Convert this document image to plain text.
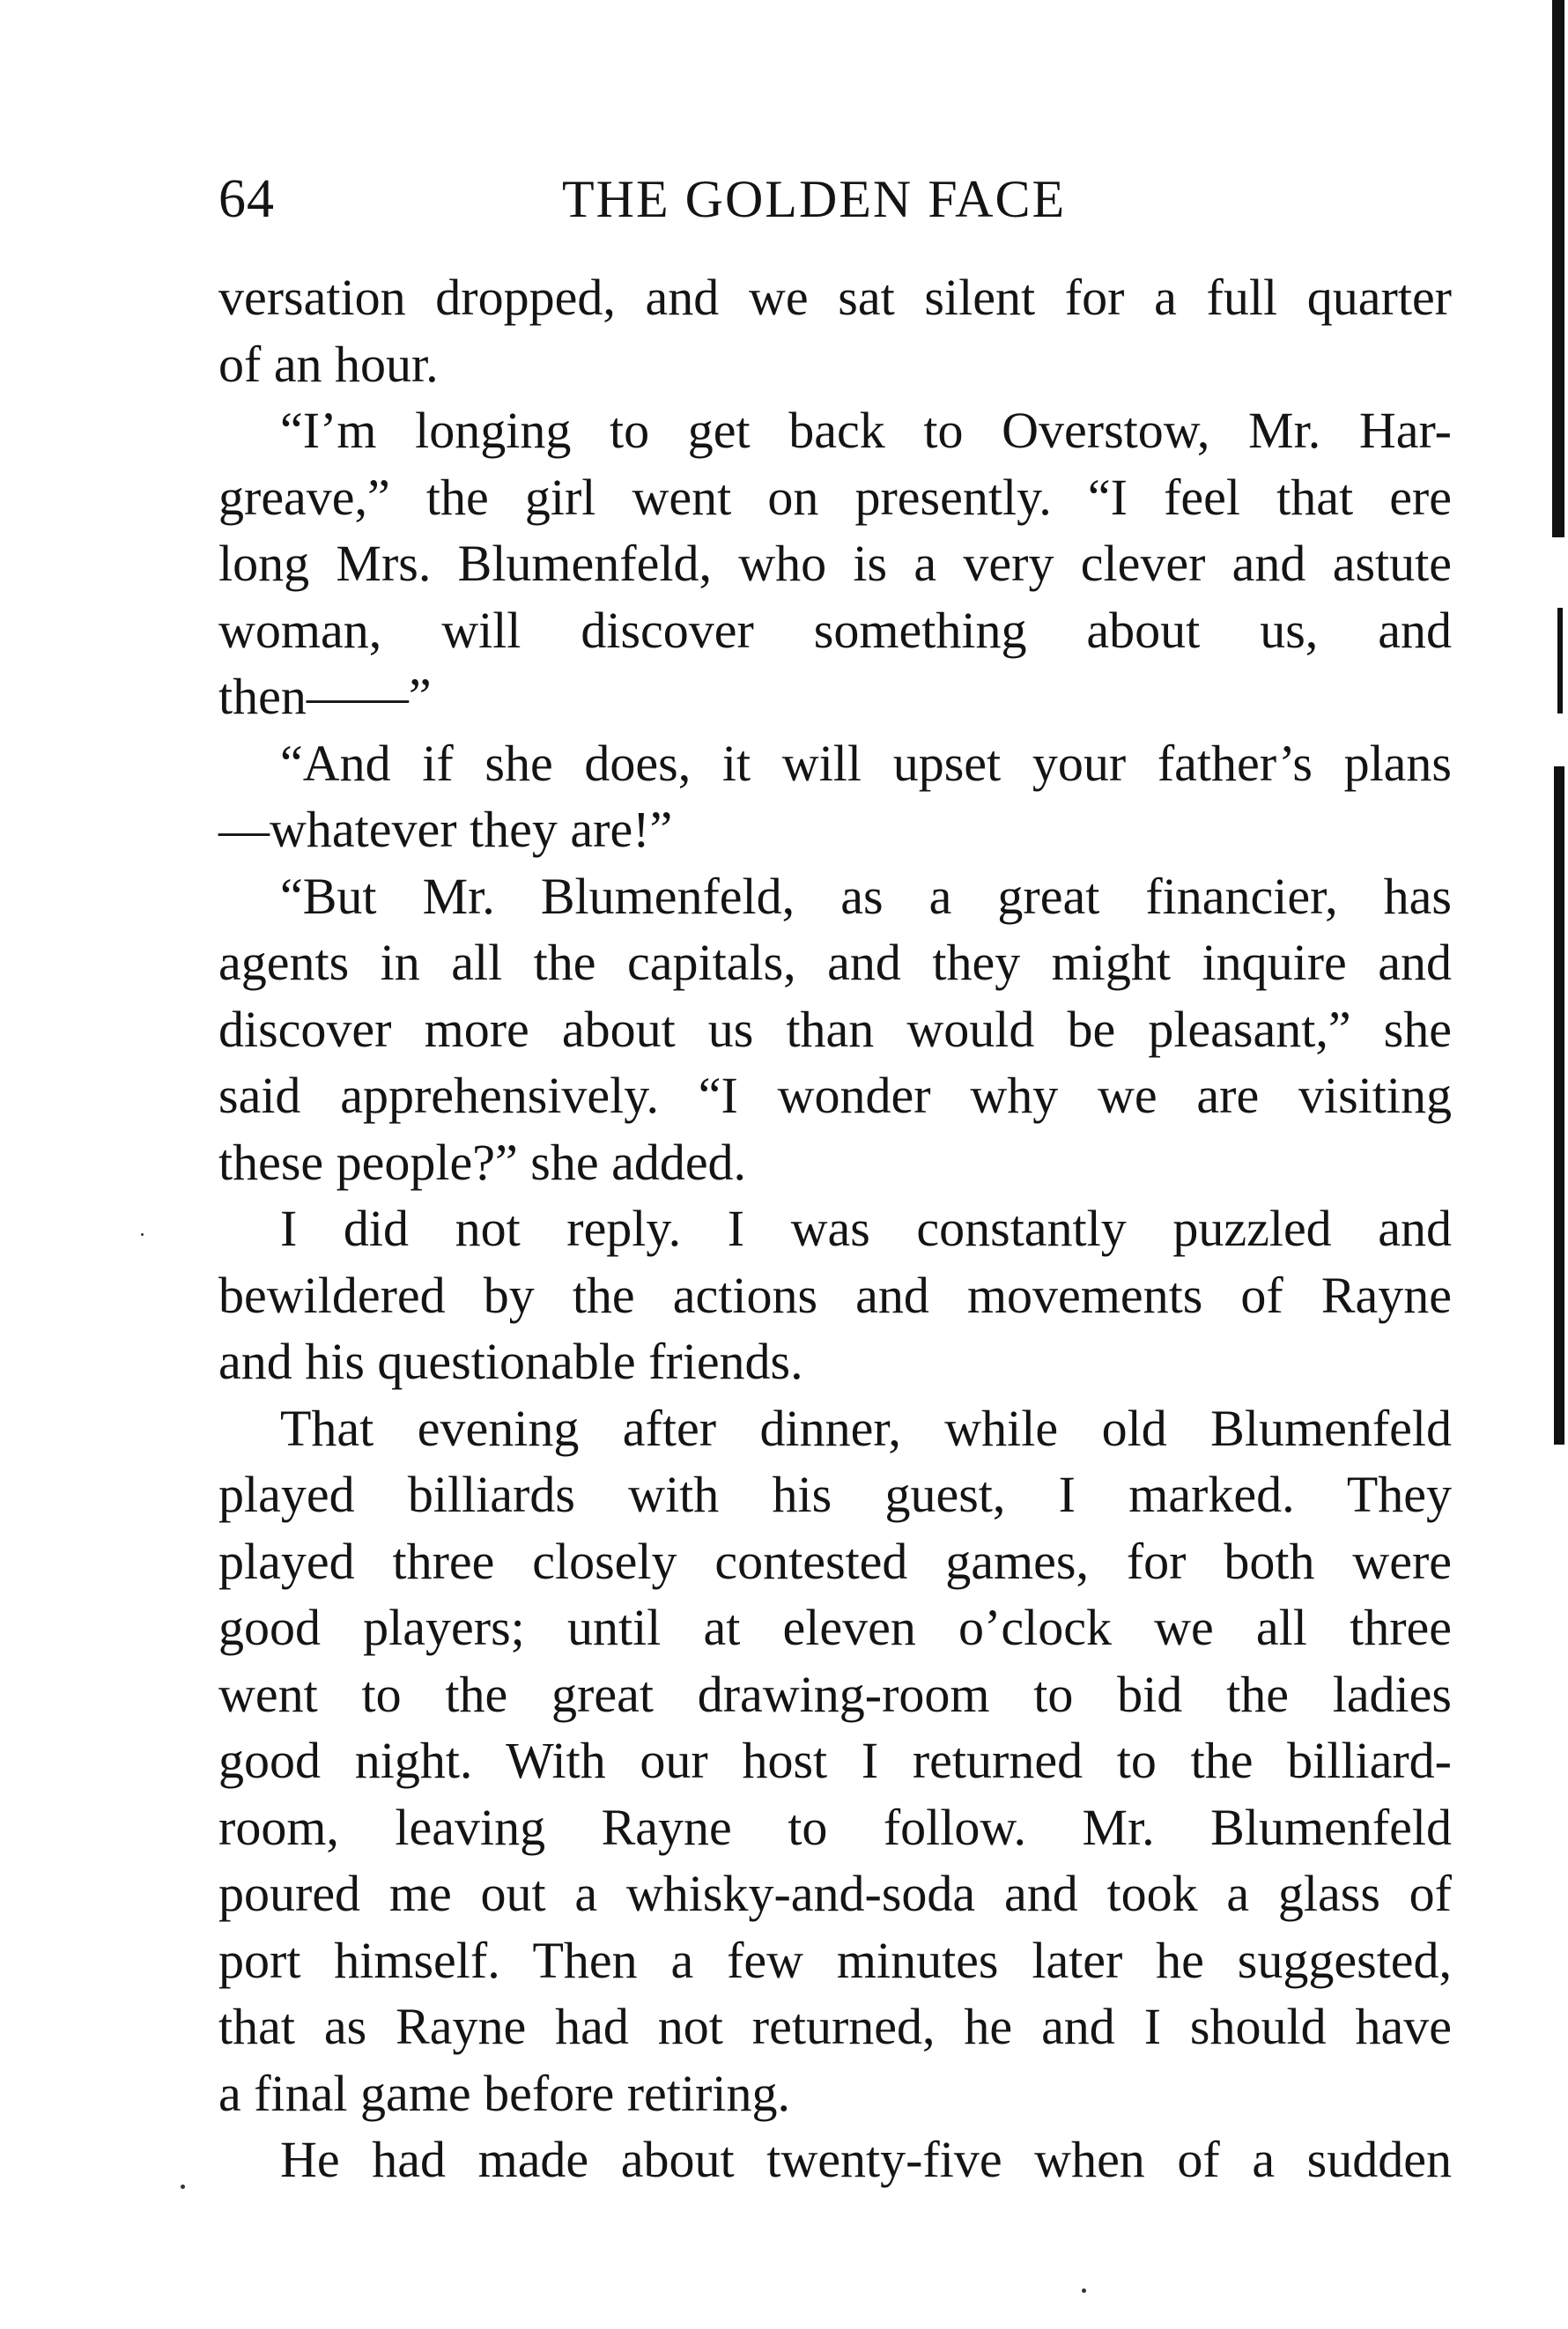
64	THE GOLDEN FACE
versation dropped, and we sat silent for a full quarter
of an hour.
“I’m longing to get back to Overstow, Mr. Har-
greave,” the girl went on presently. “I feel that ere
long Mrs. Blumenfeld, who is a very clever and astute
woman, will discover something about us, and
then——”
“And if she does, it will upset your father’s plans
—whatever they are!”
“But Mr. Blumenfeld, as a great financier, has
agents in all the capitals, and they might inquire and
discover more about us than would be pleasant,” she
said apprehensively. “I wonder why we are visiting
these people?” she added.
I did not reply. I was constantly puzzled and
bewildered by the actions and movements of Rayne
and his questionable friends.
That evening after dinner, while old Blumenfeld
played billiards with his guest, I marked. They
played three closely contested games, for both were
good players; until at eleven o’clock we all three
went to the great drawing-room to bid the ladies
good night. With our host I returned to the billiard-
room, leaving Rayne to follow. Mr. Blumenfeld
poured me out a whisky-and-soda and took a glass of
port himself. Then a few minutes later he suggested,
that as Rayne had not returned, he and I should have
a final game before retiring.
He had made about twenty-five when of a sudden
